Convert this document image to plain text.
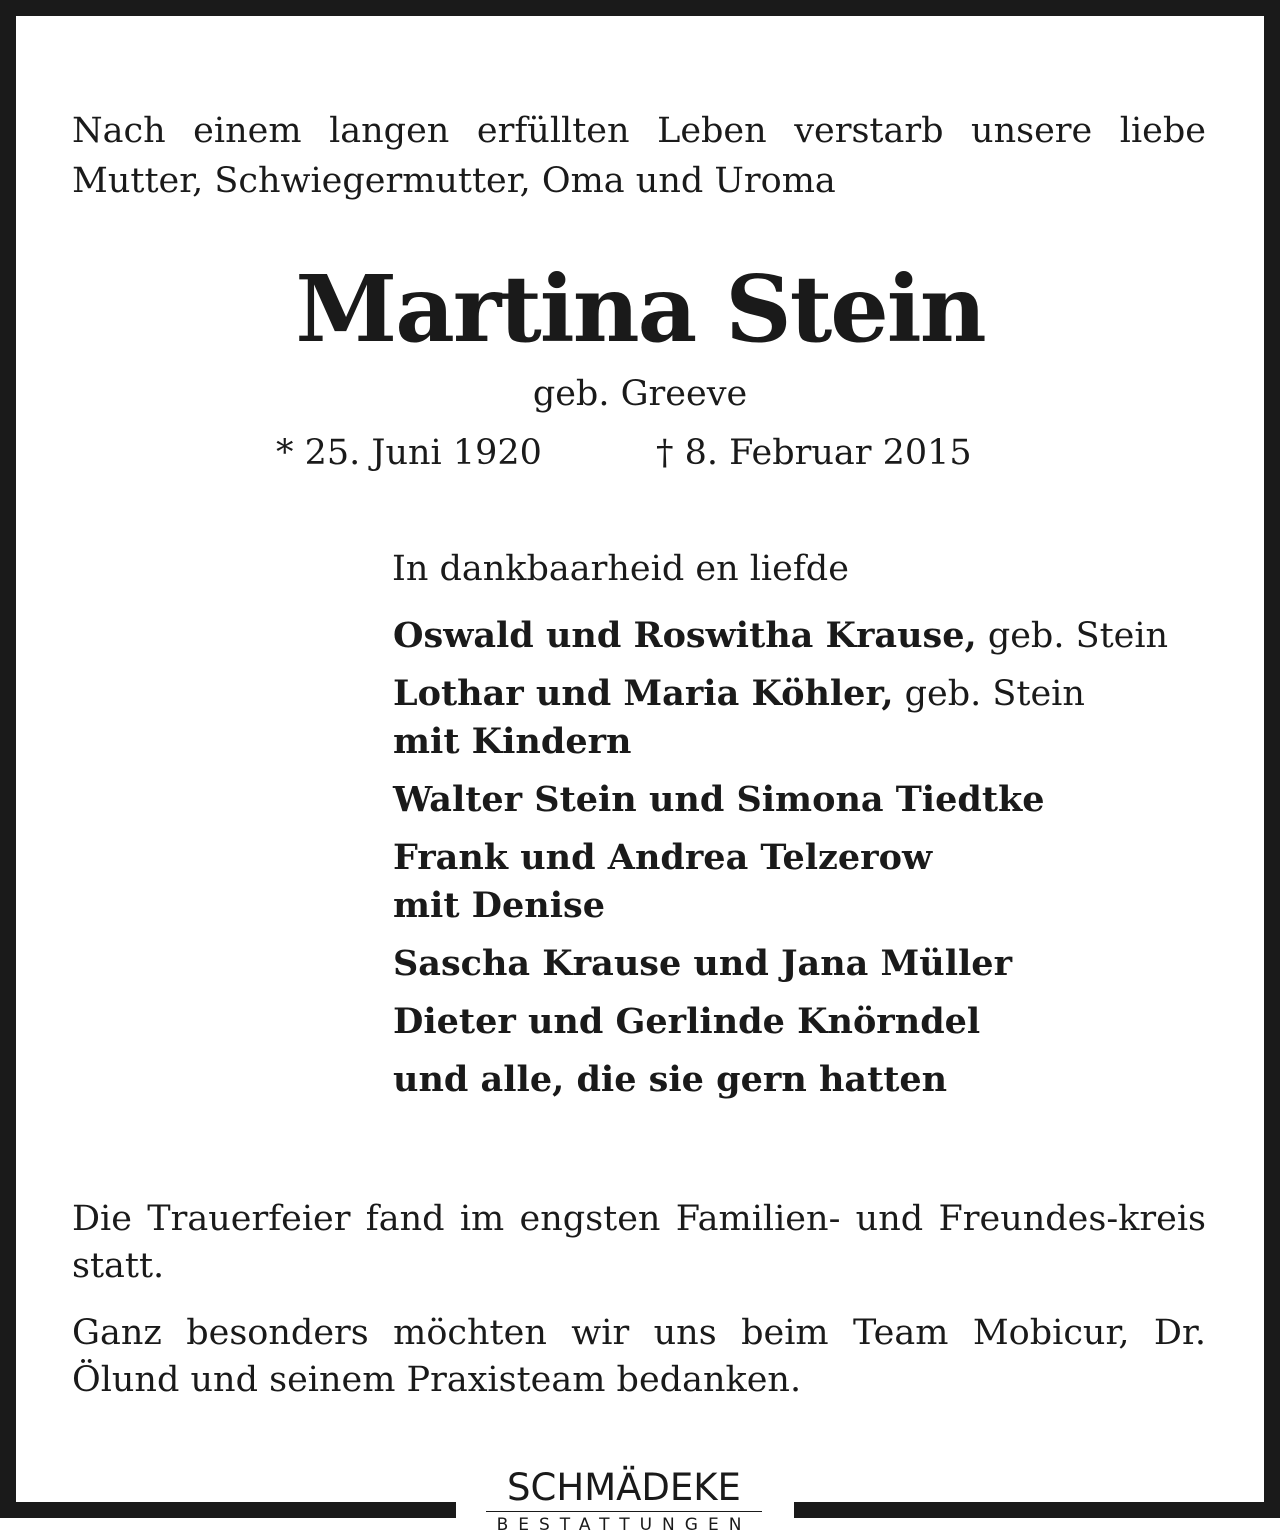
Nach einem langen erfüllten Leben verstarb unsere liebe Mutter, Schwiegermutter, Oma und Uroma

Martina Stein
geb. Greeve
* 25. Juni 1920	† 8. Februar 2015
In dankbaarheid en liefde
Oswald und Roswitha Krause, geb. Stein
Lothar und Maria Köhler, geb. Stein
mit Kindern
Walter Stein und Simona Tiedtke
Frank und Andrea Telzerow
mit Denise
Sascha Krause und Jana Müller
Dieter und Gerlinde Knörndel
und alle, die sie gern hatten

Die Trauerfeier fand im engsten Familien- und Freundes-kreis statt.

Ganz besonders möchten wir uns beim Team Mobicur, Dr. Ölund und seinem Praxisteam bedanken.

SCHMÄDEKE
BESTATTUNGEN
